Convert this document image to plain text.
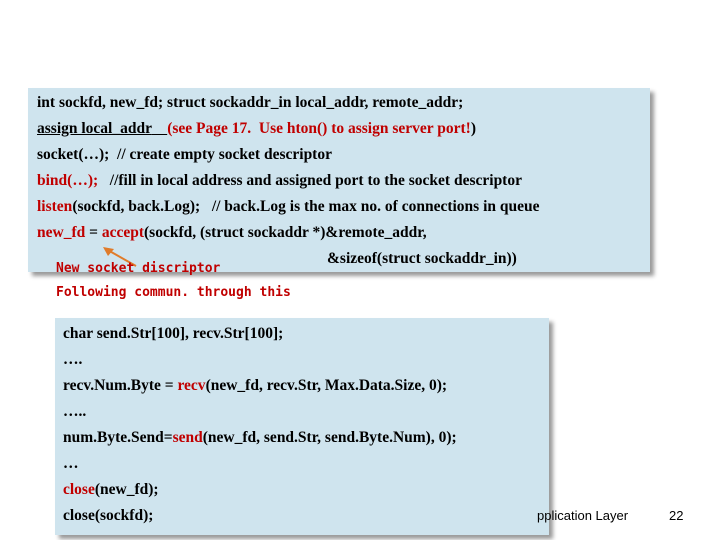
int sockfd, new_fd; struct sockaddr_in local_addr, remote_addr;
assign local_addr (see Page 17.  Use hton() to assign server port!)
socket(…);  // create empty socket descriptor
bind(…);   //fill in local address and assigned port to the socket descriptor
listen(sockfd, back.Log);   // back.Log is the max no. of connections in queue
new_fd = accept(sockfd, (struct sockaddr *)&remote_addr,
&sizeof(struct sockaddr_in))
New socket discriptor
Following commun. through this
char send.Str[100], recv.Str[100];
….
recv.Num.Byte = recv(new_fd, recv.Str, Max.Data.Size, 0);
…..
num.Byte.Send=send(new_fd, send.Str, send.Byte.Num), 0);
…
close(new_fd);
close(sockfd);	pplication Layer	22
